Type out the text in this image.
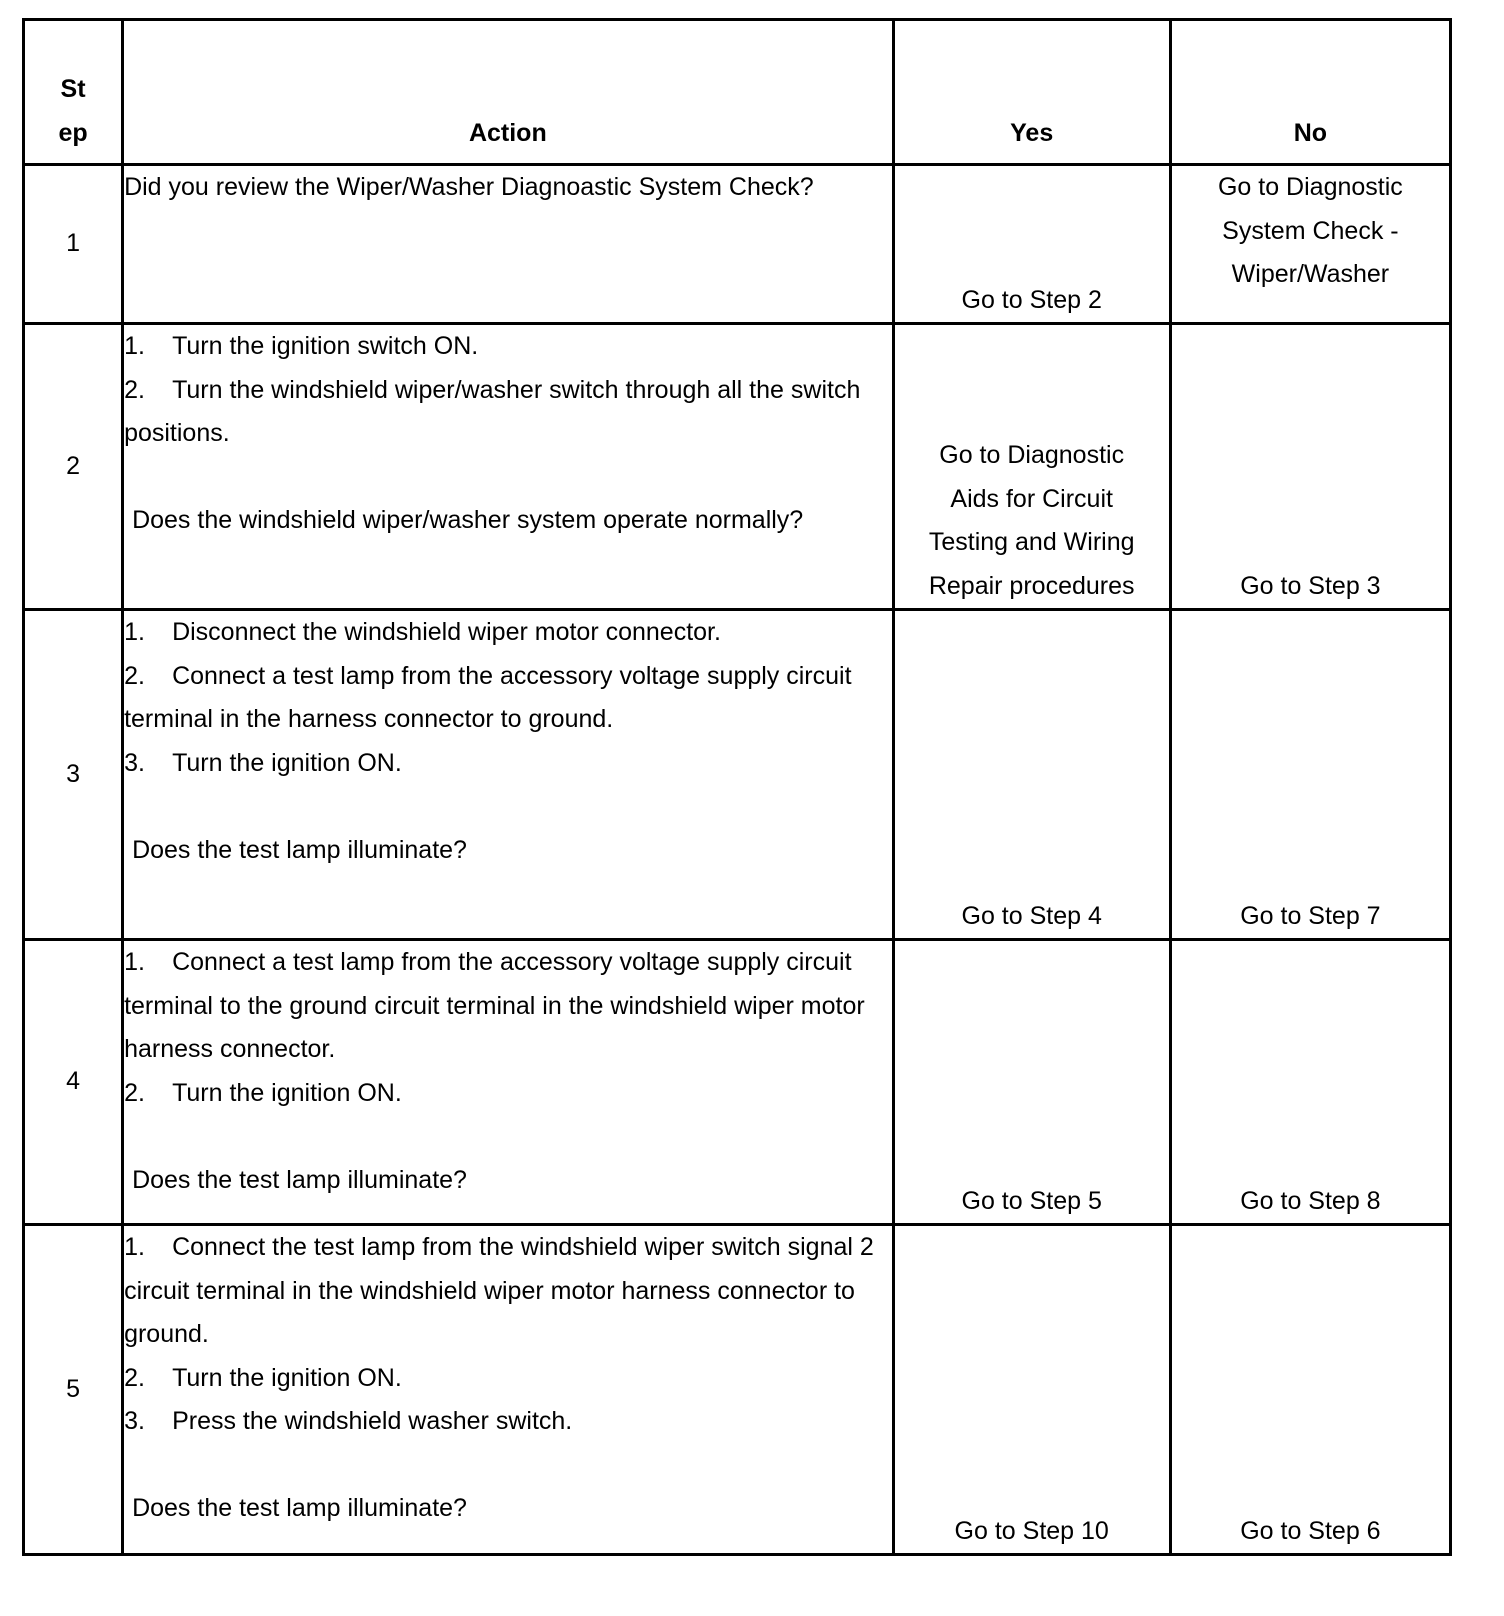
St
ep	Action	Yes	No
1	Did you review the Wiper/Washer Diagnoastic System Check?	Go to Step 2	Go to Diagnostic
System Check -
Wiper/Washer
2	1. Turn the ignition switch ON.
2. Turn the windshield wiper/washer switch through all the switch positions.
Does the windshield wiper/washer system operate normally?	Go to Diagnostic
Aids for Circuit
Testing and Wiring
Repair procedures	Go to Step 3
3	1. Disconnect the windshield wiper motor connector.
2. Connect a test lamp from the accessory voltage supply circuit terminal in the harness connector to ground.
3. Turn the ignition ON.
Does the test lamp illuminate?	Go to Step 4	Go to Step 7
4	1. Connect a test lamp from the accessory voltage supply circuit terminal to the ground circuit terminal in the windshield wiper motor harness connector.
2. Turn the ignition ON.
Does the test lamp illuminate?	Go to Step 5	Go to Step 8
5	1. Connect the test lamp from the windshield wiper switch signal 2 circuit terminal in the windshield wiper motor harness connector to ground.
2. Turn the ignition ON.
3. Press the windshield washer switch.
Does the test lamp illuminate?	Go to Step 10	Go to Step 6
